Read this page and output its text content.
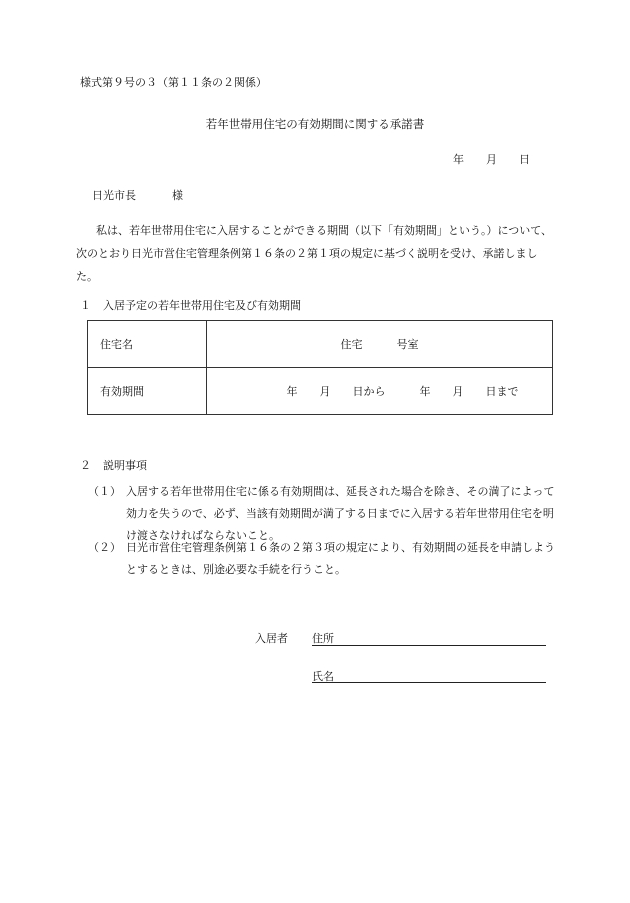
様式第９号の３（第１１条の２関係）
若年世帯用住宅の有効期間に関する承諾書
年 月 日
日光市長	様
私は、若年世帯用住宅に入居することができる期間（以下「有効期間」という。）について、次のとおり日光市営住宅管理条例第１６条の２第１項の規定に基づく説明を受け、承諾しました。
１ 入居予定の若年世帯用住宅及び有効期間
住宅名	住宅 号室
有効期間	年 月 日から 年 月 日まで
２ 説明事項
（１） 入居する若年世帯用住宅に係る有効期間は、延長された場合を除き、その満了によって効力を失うので、必ず、当該有効期間が満了する日までに入居する若年世帯用住宅を明け渡さなければならないこと。
（２） 日光市営住宅管理条例第１６条の２第３項の規定により、有効期間の延長を申請しようとするときは、別途必要な手続を行うこと。
入居者 住所
氏名
